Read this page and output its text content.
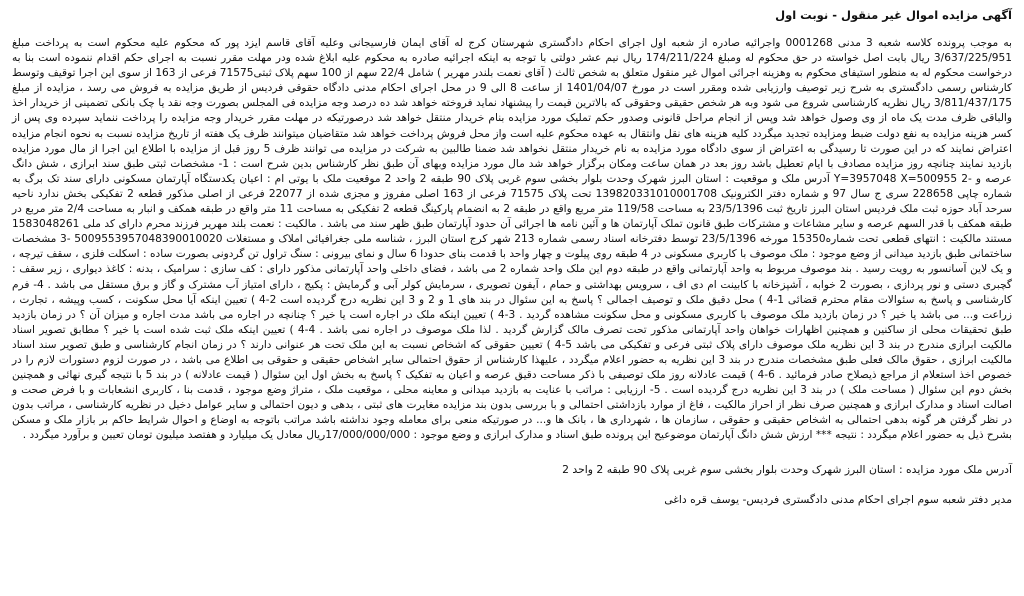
آگهی مزایده اموال غیر منقول - نوبت اول

به موجب پرونده کلاسه شعبه 3 مدنی 0001268 واجرائیه صادره از شعبه اول اجرای احکام دادگستری شهرستان کرج له آقای ایمان فارسیجانی وعلیه آقای قاسم ایزد پور که محکوم علیه محکوم است به پرداخت مبلغ 3/637/225/951 ریال بابت اصل خواسته در حق محکوم له ومبلغ 174/211/224 ریال نیم عشر دولتی با توجه به اینکه اجرائیه صادره به محکوم علیه ابلاغ شده ودر مهلت مقرر نسبت به اجرای حکم اقدام ننموده است بنا به درخواست محکوم له به منظور استیفای محکوم به وهزینه اجرائی اموال غیر منقول متعلق به شخص ثالث ( آقای نعمت بلندر مهریر ) شامل 22/4 سهم از 100 سهم پلاک ثبتی71575 فرعی از 163 از سوی این اجرا توقیف وتوسط کارشناس رسمی دادگستری به شرح زیر توصیف وارزیابی شده ومقرر است در مورخ 1401/04/07 از ساعت 8 الی 9 در محل اجرای احکام مدنی دادگاه حقوقی فردیس از طریق مزایده به فروش می رسد ، مزایده از مبلغ 3/811/437/175 ریال نظریه کارشناسی شروع می شود وبه هر شخص حقیقی وحقوقی که بالاترین قیمت را پیشنهاد نماید فروخته خواهد شد ده درصد وجه مزایده فی المجلس بصورت وجه نقد یا چک بانکی تضمینی از خریدار اخذ والباقی ظرف مدت یک ماه از وی وصول خواهد شد وپس از انجام مراحل قانونی وصدور حکم تملیک مورد مزایده بنام خریدار منتقل خواهد شد درصورتیکه در مهلت مقرر خریدار وجه مزایده را پرداخت ننماید سپرده وی پس از کسر هزینه مزایده به نفع دولت ضبط ومزایده تجدید میگردد کلیه هزینه های نقل وانتقال به عهده محکوم علیه است واز محل فروش پرداخت خواهد شد متقاضیان میتوانند ظرف یک هفته از تاریخ مزایده نسبت به نحوه انجام مزایده اعتراض نمایند که در این صورت تا رسیدگی به اعتراض از سوی دادگاه مورد مزایده به نام خریدار منتقل نخواهد شد ضمنا طالبین به شرکت در مزایده می توانند ظرف 5 روز قبل از مزایده با اطلاع این اجرا از مال مورد مزایده بازدید نمایند چنانچه روز مزایده مصادف با ایام تعطیل باشد روز بعد در همان ساعت ومکان برگزار خواهد شد مال مورد مزایده وبهای آن طبق نظر کارشناس بدین شرح است : 1- مشخصات ثبتی طبق سند ابرازی ، شش دانگ عرصه و -2 Y=3957048 X=500955 آدرس ملک و موقعیت : استان البرز شهرک وحدت بلوار بخشی سوم غربی پلاک 90 طبقه 2 واحد 2 موقعیت ملک با یوتی ام : اعیان یکدستگاه آپارتمان مسکونی دارای سند تک برگ به شماره چاپی 228658 سری ج سال 97 و شماره دفتر الکترونیک 139820331010001708 تحت پلاک 71575 فرعی از 163 اصلی مفروز و مجزی شده از 22077 فرعی از اصلی مذکور قطعه 2 تفکیکی بخش ندارد ناحیه سرحد آباد حوزه ثبت ملک فردیس استان البرز تاریخ ثبت 23/5/1396 به مساحت 119/58 متر مربع واقع در طبقه 2 به انضمام پارکینگ قطعه 2 تفکیکی به مساحت 11 متر واقع در طبقه همکف و انبار به مساحت 2/4 متر مربع در طبقه همکف با قدر السهم عرصه و سایر مشاعات و مشترکات طبق قانون تملک آپارتمان ها و آئین نامه ها اجرائی آن حدود آپارتمان طبق ظهر سند می باشد . مالکیت : نعمت بلند مهریر فرزند محرم دارای کد ملی 1583048261 مستند مالکیت : انتهای قطعی تحت شماره15350 مورخه 23/5/1396 توسط دفترخانه اسناد رسمی شماره 213 شهر کرج استان البرز ، شناسه ملی جغرافیائی املاک و مستغلات 5009553957048390010020 -3 مشخصات ساختمانی طبق بازدید میدانی از وضع موجود : ملک موصوف با کاربری مسکونی در 4 طبقه روی پیلوت و چهار واحد با قدمت بنای حدودا 6 سال و نمای بیرونی : سنگ تراول تن گردونی بصورت ساده : اسکلت فلزی ، سقف تیرچه ، و یک لاین آسانسور به رویت رسید . بند موصوف مربوط به واحد آپارتمانی واقع در طبقه دوم این ملک واحد شماره 2 می باشد ، فضای داخلی واحد آپارتمانی مذکور دارای : کف سازی : سرامیک ، بدنه : کاغذ دیواری ، زیر سقف : گچبری دستی و نور پردازی ، بصورت 2 خوابه ، آشپزخانه با کابینت ام دی اف ، سرویس بهداشتی و حمام ، آیفون تصویری ، سرمایش کولر آبی و گرمایش : پکیج ، دارای امتیاز آب مشترک و گاز و برق مستقل می باشد . 4- فرم کارشناسی و پاسخ به سئوالات مقام محترم قضائی 1-4 ) محل دقیق ملک و توصیف اجمالی ؟ پاسخ به این سئوال در بند های 1 و 2 و 3 این نظریه درج گردیده است 2-4 ) تعیین اینکه آیا محل سکونت ، کسب وپیشه ، تجارت ، زراعت و... می باشد یا خیر ؟ در زمان بازدید ملک موصوف با کاربری مسکونی و محل سکونت مشاهده گردید . 3-4 ) تعیین اینکه ملک در اجاره است یا خیر ؟ چنانچه در اجاره می باشد مدت اجاره و میزان آن ؟ در زمان بازدید طبق تحقیقات محلی از ساکنین و همچنین اظهارات خواهان واحد آپارتمانی مذکور تحت تصرف مالک گزارش گردید . لذا ملک موصوف در اجاره نمی باشد . 4-4 ) تعیین اینکه ملک ثبت شده است یا خیر ؟ مطابق تصویر اسناد مالکیت ابرازی مندرج در بند 3 این نظریه ملک موصوف دارای پلاک ثبتی فرعی و تفکیکی می باشد 5-4 ) تعیین حقوقی که اشخاص نسبت به این ملک تحت هر عنوانی دارند ؟ در زمان انجام کارشناسی و طبق تصویر سند اسناد مالکیت ابرازی ، حقوق مالک فعلی طبق مشخصات مندرج در بند 3 این نظریه به حضور اعلام میگردد ، علیهذا کارشناس از حقوق احتمالی سایر اشخاص حقیقی و حقوقی بی اطلاع می باشد ، در صورت لزوم دستورات لازم را در خصوص اخذ استعلام از مراجع ذیصلاح صادر فرمائید . 6-4 ) قیمت عادلانه روز ملک توصیفی با ذکر مساحت دقیق عرصه و اعیان به تفکیک ؟ پاسخ به بخش اول این سئوال ( قیمت عادلانه ) در بند 5 با نتیجه گیری نهائی و همچنین بخش دوم این سئوال ( مساحت ملک ) در بند 3 این نظریه درج گردیده است . 5- ارزیابی : مراتب با عنایت به بازدید میدانی و معاینه محلی ، موقعیت ملک ، متراژ وضع موجود ، قدمت بنا ، کاربری انشعابات و با فرض صحت و اصالت اسناد و مدارک ابرازی و همچنین صرف نظر از احراز مالکیت ، فاغ از موارد بازداشتی احتمالی و با بررسی بدون بند مزایده مغایرت های ثبتی ، بدهی و دیون احتمالی و سایر عوامل دخیل در نظریه کارشناسی ، مراتب بدون در نظر گرفتن هر گونه بدهی احتمالی به اشخاص حقیقی و حقوقی ، سازمان ها ، شهرداری ها ، بانک ها و... در صورتیکه منعی برای معامله وجود نداشته باشد مراتب باتوجه به اوضاع و احوال شرایط حاکم بر بازار ملک و مسکن بشرح ذیل به حضور اعلام میگردد : نتیجه *** ارزش شش دانگ آپارتمان موضوعیح این پرونده طبق اسناد و مدارک ابرازی و وضع موجود : 17/000/000/000ریال معادل یک میلیارد و هفتصد میلیون تومان تعیین و برآورد میگردد .

آدرس ملک مورد مزایده : استان البرز شهرک وحدت بلوار بخشی سوم غربی پلاک 90 طبقه 2 واحد 2

مدیر دفتر شعبه سوم اجرای احکام مدنی دادگستری فردیس- یوسف قره داغی
